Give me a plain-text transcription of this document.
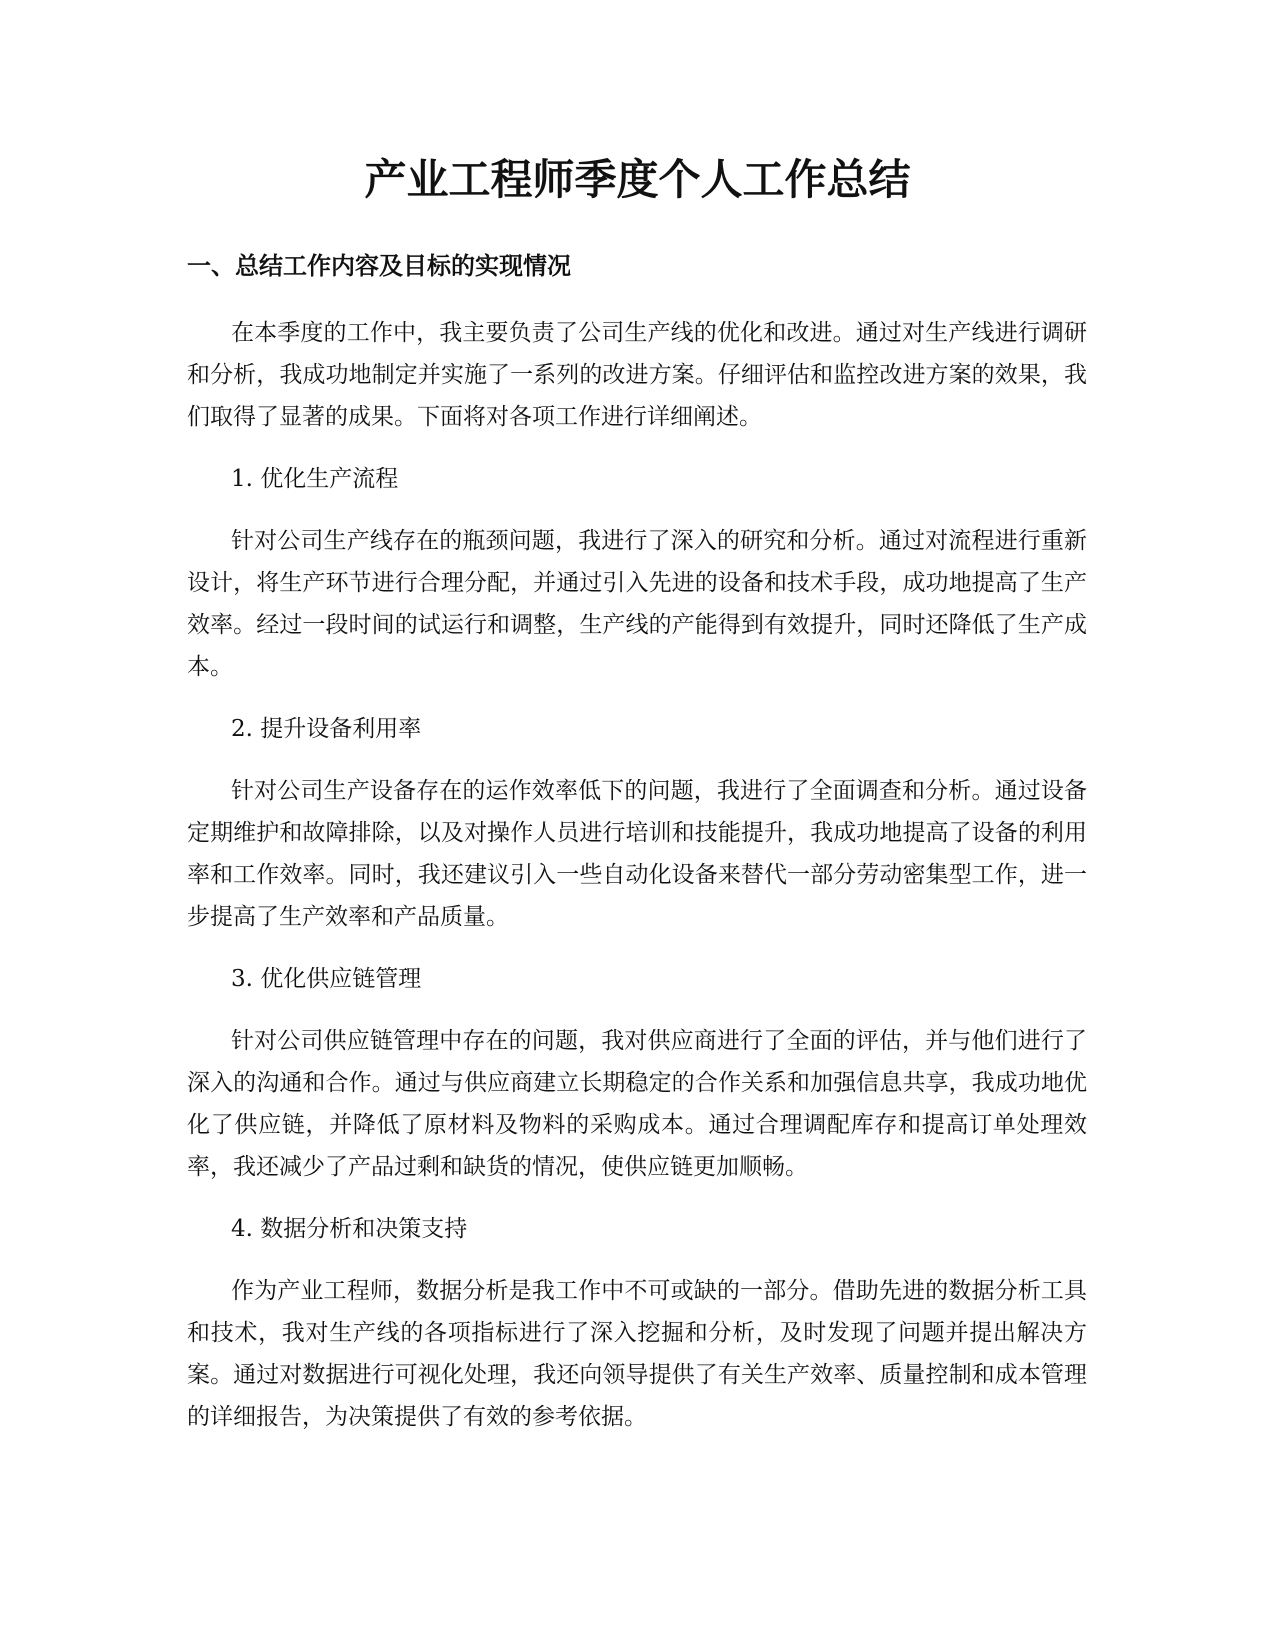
产业工程师季度个人工作总结
一、总结工作内容及目标的实现情况

在本季度的工作中，我主要负责了公司生产线的优化和改进。通过对生产线进行调研和分析，我成功地制定并实施了一系列的改进方案。仔细评估和监控改进方案的效果，我们取得了显著的成果。下面将对各项工作进行详细阐述。

1. 优化生产流程

针对公司生产线存在的瓶颈问题，我进行了深入的研究和分析。通过对流程进行重新设计，将生产环节进行合理分配，并通过引入先进的设备和技术手段，成功地提高了生产效率。经过一段时间的试运行和调整，生产线的产能得到有效提升，同时还降低了生产成本。

2. 提升设备利用率

针对公司生产设备存在的运作效率低下的问题，我进行了全面调查和分析。通过设备定期维护和故障排除，以及对操作人员进行培训和技能提升，我成功地提高了设备的利用率和工作效率。同时，我还建议引入一些自动化设备来替代一部分劳动密集型工作，进一步提高了生产效率和产品质量。

3. 优化供应链管理

针对公司供应链管理中存在的问题，我对供应商进行了全面的评估，并与他们进行了深入的沟通和合作。通过与供应商建立长期稳定的合作关系和加强信息共享，我成功地优化了供应链，并降低了原材料及物料的采购成本。通过合理调配库存和提高订单处理效率，我还减少了产品过剩和缺货的情况，使供应链更加顺畅。

4. 数据分析和决策支持

作为产业工程师，数据分析是我工作中不可或缺的一部分。借助先进的数据分析工具和技术，我对生产线的各项指标进行了深入挖掘和分析，及时发现了问题并提出解决方案。通过对数据进行可视化处理，我还向领导提供了有关生产效率、质量控制和成本管理的详细报告，为决策提供了有效的参考依据。
